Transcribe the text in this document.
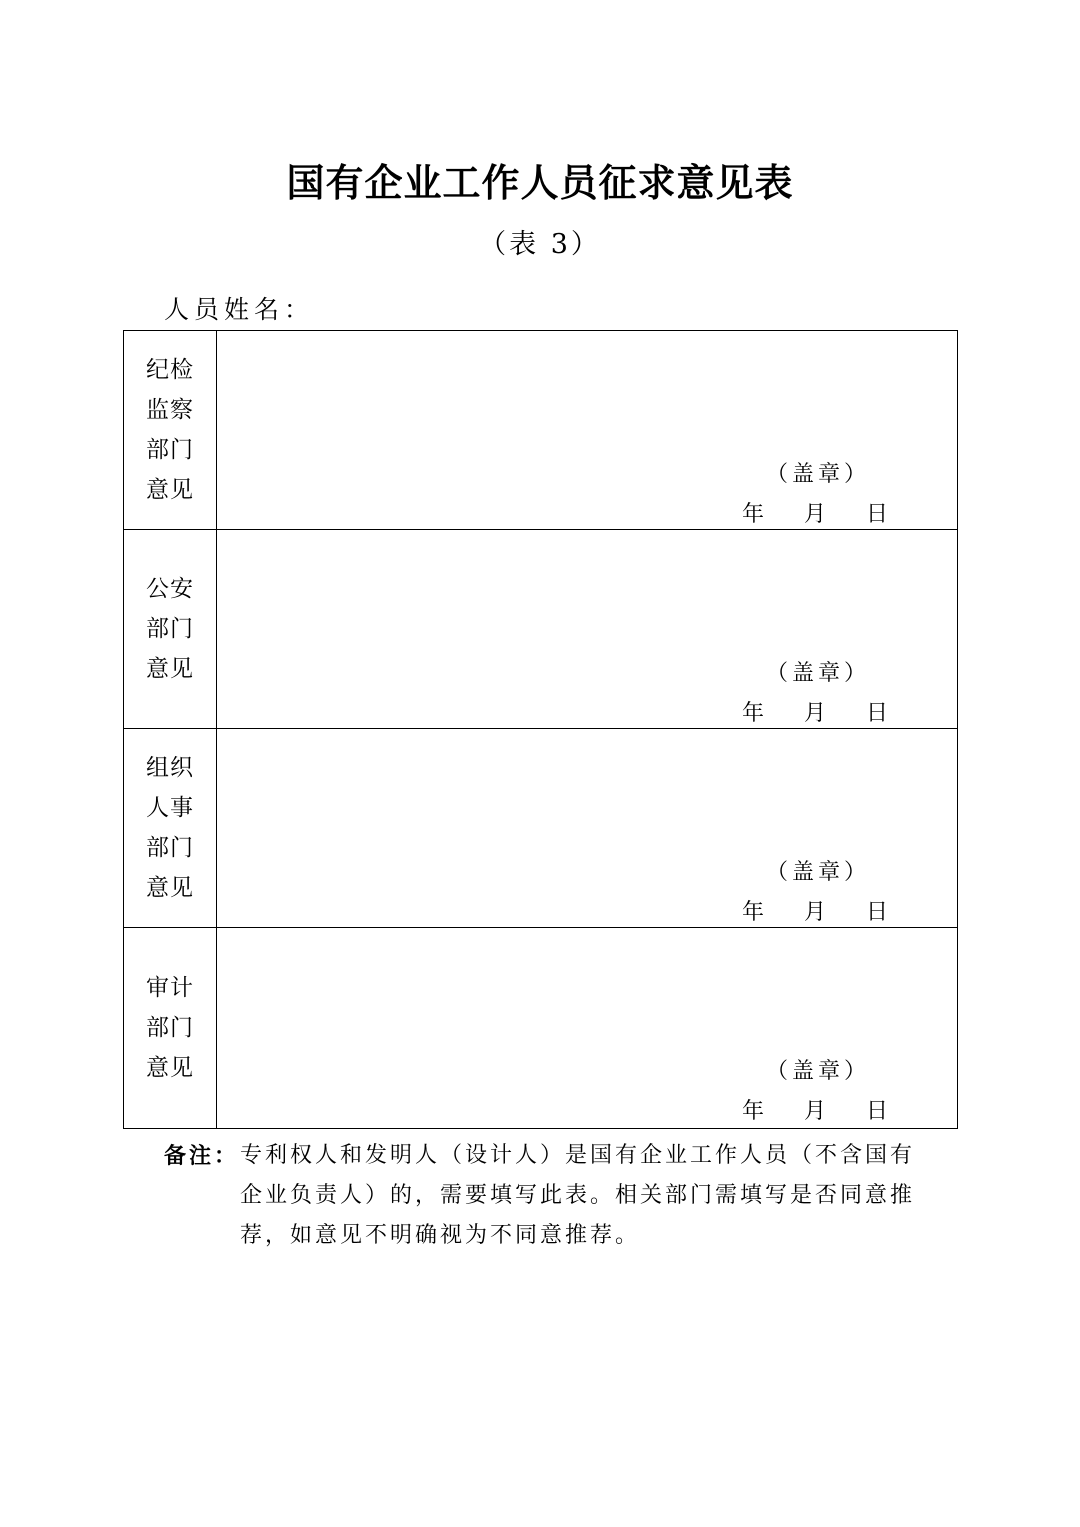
国有企业工作人员征求意见表
（表 3）
人员姓名：
纪检监察部门意见
（盖章）
年 月 日
公安部门意见	（盖章）
年 月 日
组织人事部门意见
（盖章）
年 月 日
审计部门意见	（盖章）
年 月 日
备注： 专利权人和发明人（设计人）是国有企业工作人员（不含国有企业负责人）的，需要填写此表。相关部门需填写是否同意推荐，如意见不明确视为不同意推荐。
